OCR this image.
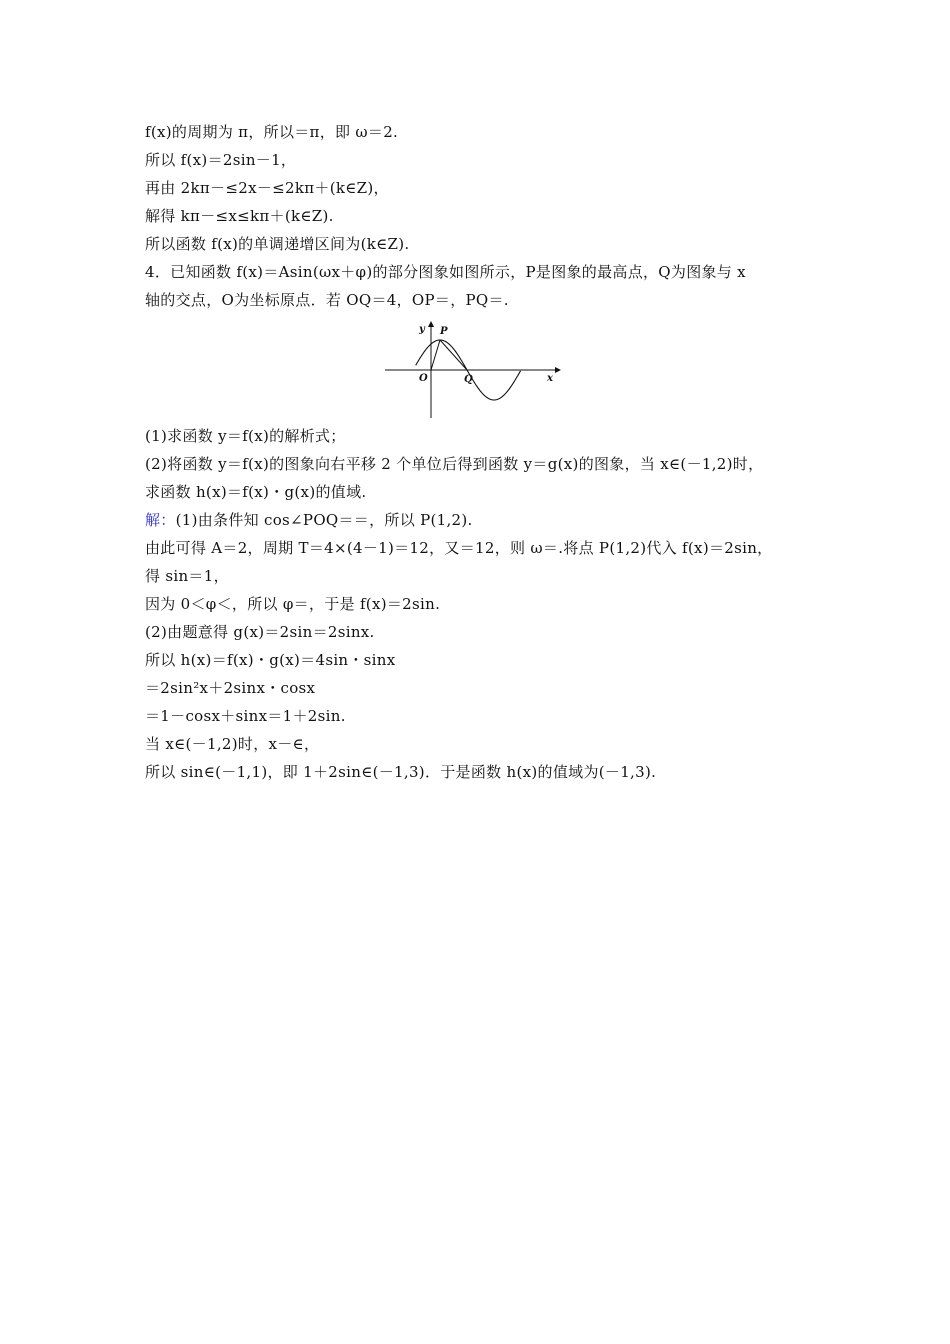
f(x)的周期为 π，所以＝π，即 ω＝2.
所以 f(x)＝2sin－1，
再由 2kπ－≤2x－≤2kπ＋(k∈Z)，
解得 kπ－≤x≤kπ＋(k∈Z).
所以函数 f(x)的单调递增区间为(k∈Z).
4．已知函数 f(x)＝Asin(ωx＋φ)的部分图象如图所示，P是图象的最高点，Q为图象与 x
轴的交点，O为坐标原点．若 OQ＝4，OP＝，PQ＝.
y P
O	Q	x
(1)求函数 y＝f(x)的解析式；
(2)将函数 y＝f(x)的图象向右平移 2 个单位后得到函数 y＝g(x)的图象，当 x∈(－1,2)时，
求函数 h(x)＝f(x)・g(x)的值域.
解：(1)由条件知 cos∠POQ＝＝，所以 P(1,2).
由此可得 A＝2，周期 T＝4×(4－1)＝12，又＝12，则 ω＝.将点 P(1,2)代入 f(x)＝2sin，
得 sin＝1，
因为 0＜φ＜，所以 φ＝，于是 f(x)＝2sin.
(2)由题意得 g(x)＝2sin＝2sinx.
所以 h(x)＝f(x)・g(x)＝4sin・sinx
＝2sin²x＋2sinx・cosx
＝1－cosx＋sinx＝1＋2sin.
当 x∈(－1,2)时，x－∈，
所以 sin∈(－1,1)，即 1＋2sin∈(－1,3)．于是函数 h(x)的值域为(－1,3).
